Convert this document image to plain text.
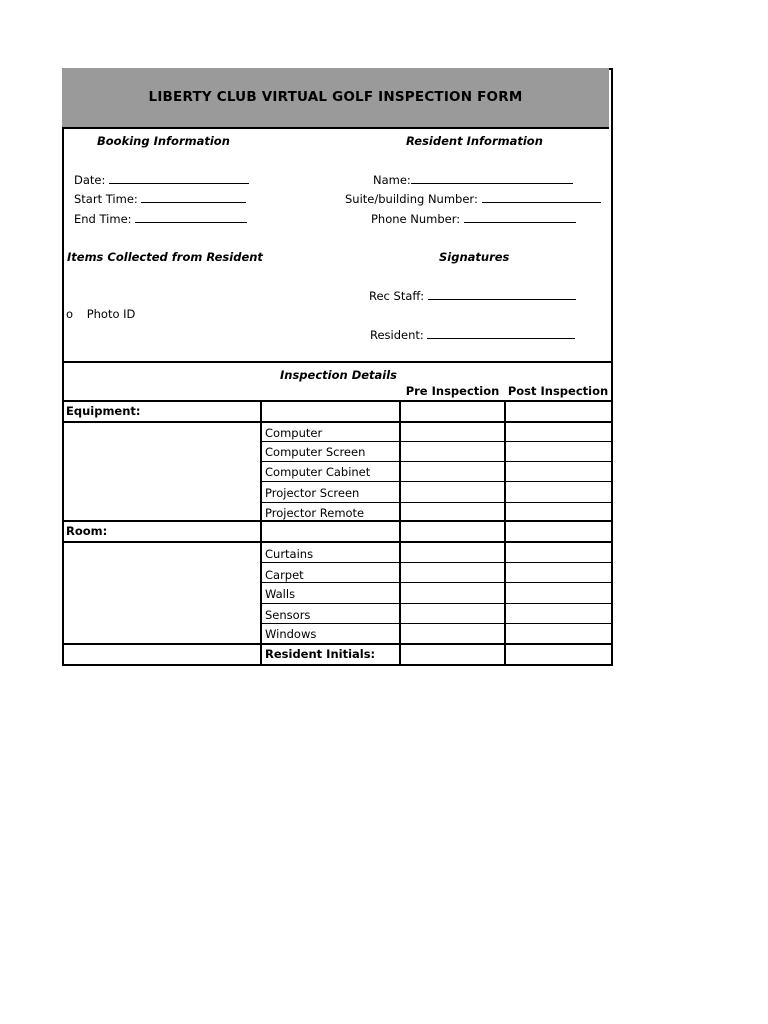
LIBERTY CLUB VIRTUAL GOLF INSPECTION FORM
Booking Information
Date:
Start Time:
End Time:
Resident Information
Name:
Suite/building Number:
Phone Number:
Items Collected from Resident
o Photo ID
Signatures
Rec Staff:
Resident:
Inspection Details
Pre Inspection Post Inspection
Equipment:
Room:
Computer
Computer Screen
Computer Cabinet
Projector Screen
Projector Remote
Curtains
Carpet
Walls
Sensors
Windows
Resident Initials:
